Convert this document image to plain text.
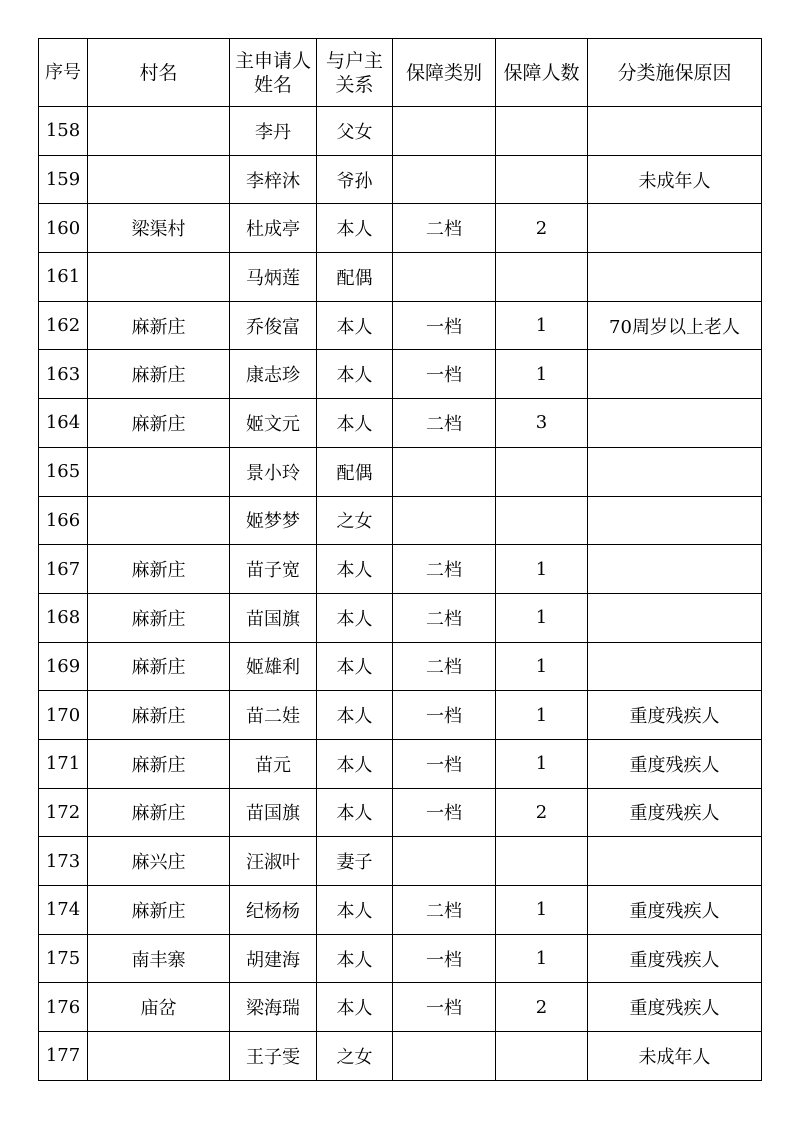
序号	村名	主申请人姓名	与户主关系	保障类别	保障人数	分类施保原因
158		李丹	父女			
159		李梓沐	爷孙			未成年人
160	梁渠村	杜成亭	本人	二档	2	
161		马炳莲	配偶			
162	麻新庄	乔俊富	本人	一档	1	70周岁以上老人
163	麻新庄	康志珍	本人	一档	1	
164	麻新庄	姬文元	本人	二档	3	
165		景小玲	配偶			
166		姬梦梦	之女			
167	麻新庄	苗子宽	本人	二档	1	
168	麻新庄	苗国旗	本人	二档	1	
169	麻新庄	姬雄利	本人	二档	1	
170	麻新庄	苗二娃	本人	一档	1	重度残疾人
171	麻新庄	苗元	本人	一档	1	重度残疾人
172	麻新庄	苗国旗	本人	一档	2	重度残疾人
173	麻兴庄	汪淑叶	妻子			
174	麻新庄	纪杨杨	本人	二档	1	重度残疾人
175	南丰寨	胡建海	本人	一档	1	重度残疾人
176	庙岔	梁海瑞	本人	一档	2	重度残疾人
177		王子雯	之女			未成年人
